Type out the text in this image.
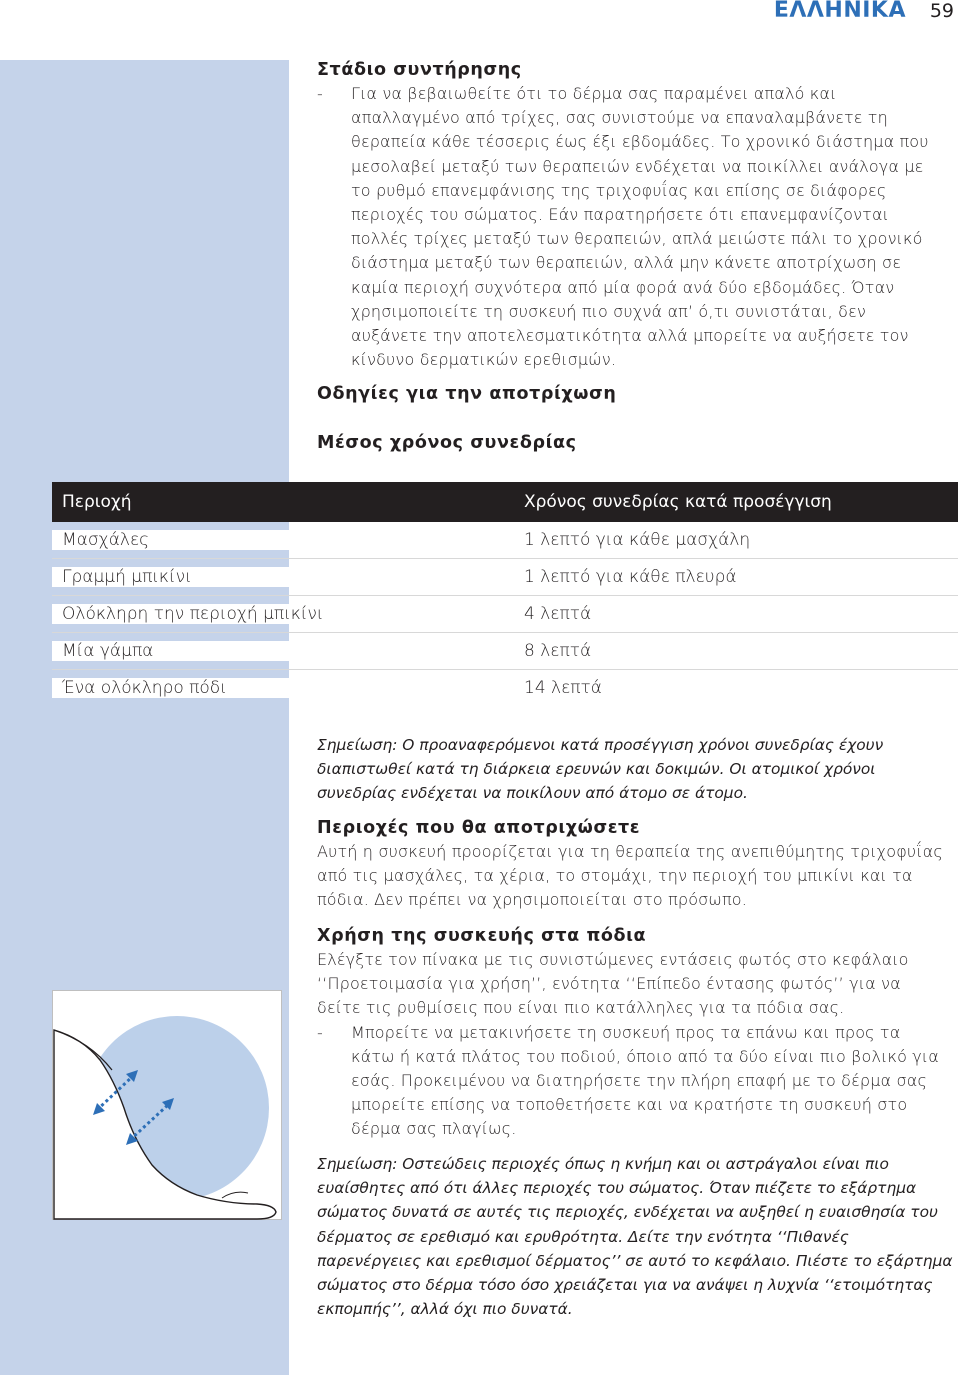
ΕΛΛΗΝΙΚΑ 59

Στάδιο συντήρησης

- Για να βεβαιωθείτε ότι το δέρμα σας παραμένει απαλό και απαλλαγμένο από τρίχες, σας συνιστούμε να επαναλαμβάνετε τη θεραπεία κάθε τέσσερις έως έξι εβδομάδες. Το χρονικό διάστημα που μεσολαβεί μεταξύ των θεραπειών ενδέχεται να ποικίλλει ανάλογα με το ρυθμό επανεμφάνισης της τριχοφυΐας και επίσης σε διάφορες περιοχές του σώματος. Εάν παρατηρήσετε ότι επανεμφανίζονται πολλές τρίχες μεταξύ των θεραπειών, απλά μειώστε πάλι το χρονικό διάστημα μεταξύ των θεραπειών, αλλά μην κάνετε αποτρίχωση σε καμία περιοχή συχνότερα από μία φορά ανά δύο εβδομάδες. Όταν χρησιμοποιείτε τη συσκευή πιο συχνά απ’ ό,τι συνιστάται, δεν αυξάνετε την αποτελεσματικότητα αλλά μπορείτε να αυξήσετε τον κίνδυνο δερματικών ερεθισμών.

Οδηγίες για την αποτρίχωση

Μέσος χρόνος συνεδρίας

Περιοχή	Χρόνος συνεδρίας κατά προσέγγιση
Μασχάλες	1 λεπτό για κάθε μασχάλη
Γραμμή μπικίνι	1 λεπτό για κάθε πλευρά
Ολόκληρη την περιοχή μπικίνι	4 λεπτά
Μία γάμπα	8 λεπτά
Ένα ολόκληρο πόδι	14 λεπτά

Σημείωση: Ο προαναφερόμενοι κατά προσέγγιση χρόνοι συνεδρίας έχουν διαπιστωθεί κατά τη διάρκεια ερευνών και δοκιμών. Οι ατομικοί χρόνοι συνεδρίας ενδέχεται να ποικίλουν από άτομο σε άτομο.

Περιοχές που θα αποτριχώσετε

Αυτή η συσκευή προορίζεται για τη θεραπεία της ανεπιθύμητης τριχοφυΐας από τις μασχάλες, τα χέρια, το στομάχι, την περιοχή του μπικίνι και τα πόδια. Δεν πρέπει να χρησιμοποιείται στο πρόσωπο.

Χρήση της συσκευής στα πόδια

Ελέγξτε τον πίνακα με τις συνιστώμενες εντάσεις φωτός στο κεφάλαιο ‘‘Προετοιμασία για χρήση’’, ενότητα ‘‘Επίπεδο έντασης φωτός’’ για να δείτε τις ρυθμίσεις που είναι πιο κατάλληλες για τα πόδια σας.

- Μπορείτε να μετακινήσετε τη συσκευή προς τα επάνω και προς τα κάτω ή κατά πλάτος του ποδιού, όποιο από τα δύο είναι πιο βολικό για εσάς. Προκειμένου να διατηρήσετε την πλήρη επαφή με το δέρμα σας μπορείτε επίσης να τοποθετήσετε και να κρατήστε τη συσκευή στο δέρμα σας πλαγίως.

Σημείωση: Οστεώδεις περιοχές όπως η κνήμη και οι αστράγαλοι είναι πιο ευαίσθητες από ότι άλλες περιοχές του σώματος. Όταν πιέζετε το εξάρτημα σώματος δυνατά σε αυτές τις περιοχές, ενδέχεται να αυξηθεί η ευαισθησία του δέρματος σε ερεθισμό και ερυθρότητα. Δείτε την ενότητα ‘‘Πιθανές παρενέργειες και ερεθισμοί δέρματος’’ σε αυτό το κεφάλαιο. Πιέστε το εξάρτημα σώματος στο δέρμα τόσο όσο χρειάζεται για να ανάψει η λυχνία ‘‘ετοιμότητας εκπομπής’’, αλλά όχι πιο δυνατά.
